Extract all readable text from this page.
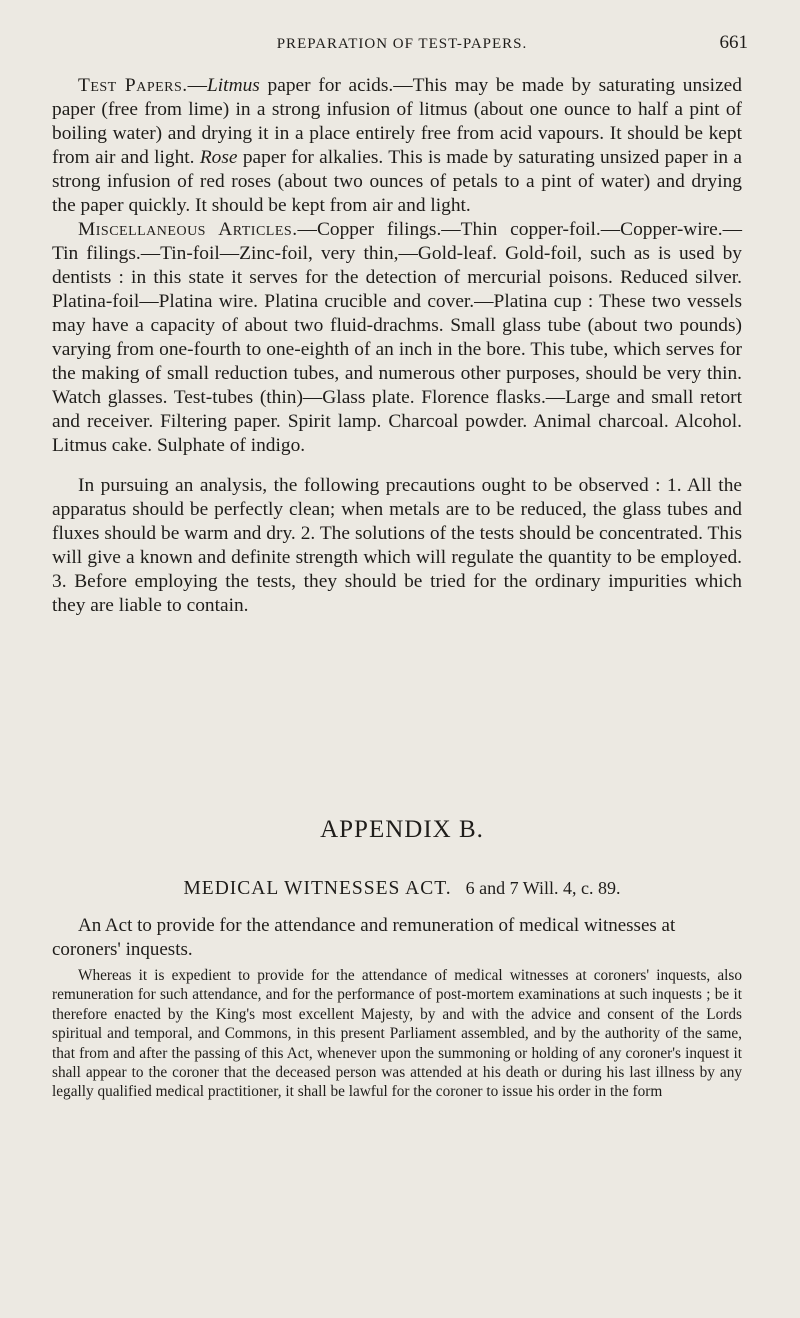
PREPARATION OF TEST-PAPERS.	661

Test Papers.—Litmus paper for acids.—This may be made by saturating unsized paper (free from lime) in a strong infusion of litmus (about one ounce to half a pint of boiling water) and drying it in a place entirely free from acid vapours. It should be kept from air and light. Rose paper for alkalies. This is made by saturating unsized paper in a strong infusion of red roses (about two ounces of petals to a pint of water) and drying the paper quickly. It should be kept from air and light.

Miscellaneous Articles.—Copper filings.—Thin copper-foil.—Copper-wire.—Tin filings.—Tin-foil—Zinc-foil, very thin,—Gold-leaf. Gold-foil, such as is used by dentists : in this state it serves for the detection of mercurial poisons. Reduced silver. Platina-foil—Platina wire. Platina crucible and cover.—Platina cup : These two vessels may have a capacity of about two fluid-drachms. Small glass tube (about two pounds) varying from one-fourth to one-eighth of an inch in the bore. This tube, which serves for the making of small reduction tubes, and numerous other purposes, should be very thin. Watch glasses. Test-tubes (thin)—Glass plate. Florence flasks.—Large and small retort and receiver. Filtering paper. Spirit lamp. Charcoal powder. Animal charcoal. Alcohol. Litmus cake. Sulphate of indigo.

In pursuing an analysis, the following precautions ought to be observed : 1. All the apparatus should be perfectly clean; when metals are to be reduced, the glass tubes and fluxes should be warm and dry. 2. The solutions of the tests should be concentrated. This will give a known and definite strength which will regulate the quantity to be employed. 3. Before employing the tests, they should be tried for the ordinary impurities which they are liable to contain.

APPENDIX B.
MEDICAL WITNESSES ACT. 6 and 7 Will. 4, c. 89.
An Act to provide for the attendance and remuneration of medical witnesses at coroners' inquests.

Whereas it is expedient to provide for the attendance of medical witnesses at coroners' inquests, also remuneration for such attendance, and for the performance of post-mortem examinations at such inquests ; be it therefore enacted by the King's most excellent Majesty, by and with the advice and consent of the Lords spiritual and temporal, and Commons, in this present Parliament assembled, and by the authority of the same, that from and after the passing of this Act, whenever upon the summoning or holding of any coroner's inquest it shall appear to the coroner that the deceased person was attended at his death or during his last illness by any legally qualified medical practitioner, it shall be lawful for the coroner to issue his order in the form
